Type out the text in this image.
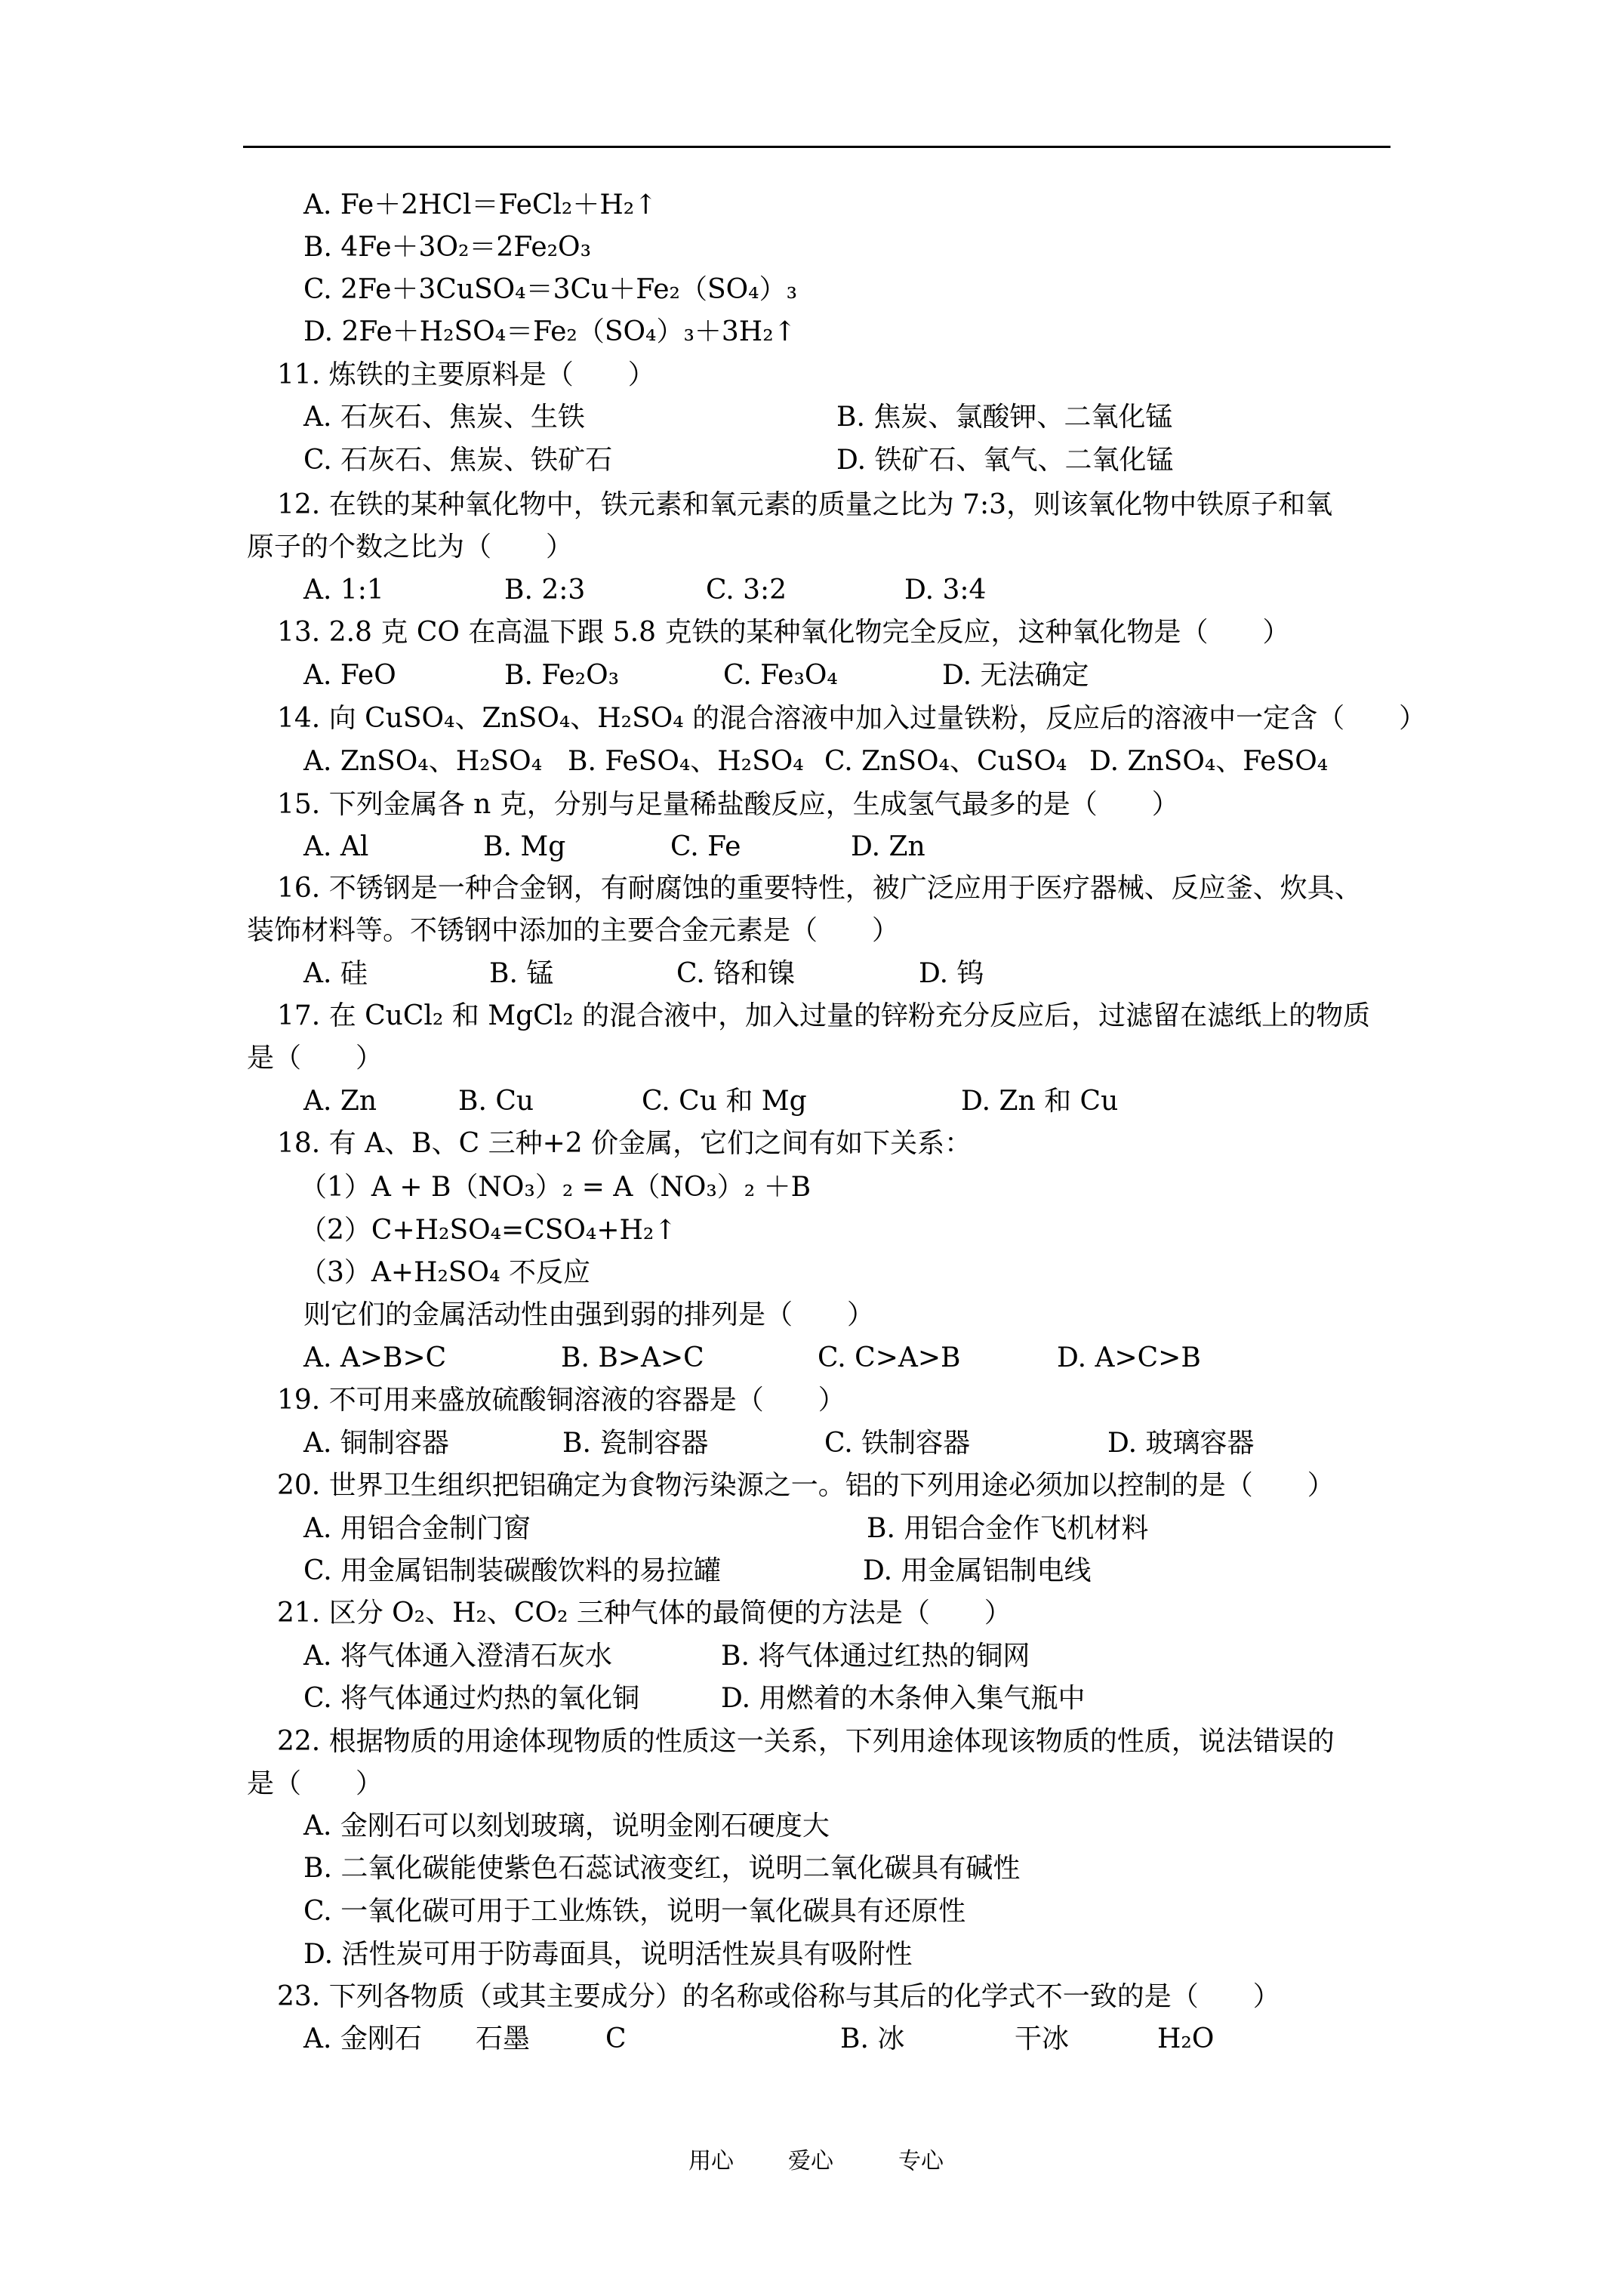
A. Fe＋2HCl＝FeCl₂＋H₂↑
B. 4Fe＋3O₂＝2Fe₂O₃
C. 2Fe＋3CuSO₄＝3Cu＋Fe₂（SO₄）₃
D. 2Fe＋H₂SO₄＝Fe₂（SO₄）₃＋3H₂↑
11. 炼铁的主要原料是（　　）
12. 在铁的某种氧化物中，铁元素和氧元素的质量之比为 7:3，则该氧化物中铁原子和氧
原子的个数之比为（　　）
13. 2.8 克 CO 在高温下跟 5.8 克铁的某种氧化物完全反应，这种氧化物是（　　）
14. 向 CuSO₄、ZnSO₄、H₂SO₄ 的混合溶液中加入过量铁粉，反应后的溶液中一定含（　　）
15. 下列金属各 n 克，分别与足量稀盐酸反应，生成氢气最多的是（　　）
16. 不锈钢是一种合金钢，有耐腐蚀的重要特性，被广泛应用于医疗器械、反应釜、炊具、
装饰材料等。不锈钢中添加的主要合金元素是（　　）
17. 在 CuCl₂ 和 MgCl₂ 的混合液中，加入过量的锌粉充分反应后，过滤留在滤纸上的物质
是（　　）
18. 有 A、B、C 三种+2 价金属，它们之间有如下关系：
（1）A + B（NO₃）₂ = A（NO₃）₂ ＋B
（2）C+H₂SO₄=CSO₄+H₂↑
（3）A+H₂SO₄ 不反应
则它们的金属活动性由强到弱的排列是（　　）
19. 不可用来盛放硫酸铜溶液的容器是（　　）
20. 世界卫生组织把铝确定为食物污染源之一。铝的下列用途必须加以控制的是（　　）
21. 区分 O₂、H₂、CO₂ 三种气体的最简便的方法是（　　）
22. 根据物质的用途体现物质的性质这一关系，下列用途体现该物质的性质，说法错误的
是（　　）
A. 金刚石可以刻划玻璃，说明金刚石硬度大
B. 二氧化碳能使紫色石蕊试液变红，说明二氧化碳具有碱性
C. 一氧化碳可用于工业炼铁，说明一氧化碳具有还原性
D. 活性炭可用于防毒面具，说明活性炭具有吸附性
23. 下列各物质（或其主要成分）的名称或俗称与其后的化学式不一致的是（　　）
A. 石灰石、焦炭、生铁	B. 焦炭、氯酸钾、二氧化锰
C. 石灰石、焦炭、铁矿石	D. 铁矿石、氧气、二氧化锰
A. 1:1	B. 2:3	C. 3:2	D. 3:4
A. FeO	B. Fe₂O₃	C. Fe₃O₄	D. 无法确定
A. ZnSO₄、H₂SO₄ B. FeSO₄、H₂SO₄ C. ZnSO₄、CuSO₄ D. ZnSO₄、FeSO₄
A. Al	B. Mg	C. Fe	D. Zn
A. 硅	B. 锰	C. 铬和镍	D. 钨
A. Zn	B. Cu	C. Cu 和 Mg	D. Zn 和 Cu
A. A>B>C	B. B>A>C	C. C>A>B	D. A>C>B
A. 铜制容器	B. 瓷制容器	C. 铁制容器	D. 玻璃容器
A. 用铝合金制门窗	B. 用铝合金作飞机材料
C. 用金属铝制装碳酸饮料的易拉罐	D. 用金属铝制电线
A. 将气体通入澄清石灰水	B. 将气体通过红热的铜网
C. 将气体通过灼热的氧化铜	D. 用燃着的木条伸入集气瓶中
A. 金刚石 石墨	C	B. 冰	干冰	H₂O
用心 爱心	专心
